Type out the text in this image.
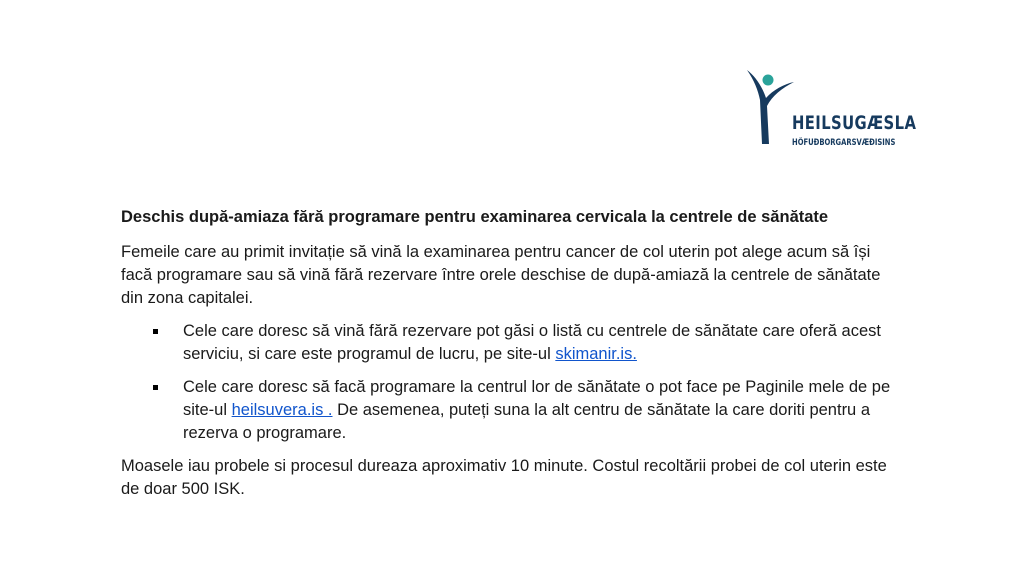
HEILSUGÆSLA
HÖFUÐBORGARSVÆÐISINS
Deschis după-amiaza fără programare pentru examinarea cervicala la centrele de sănătate
Femeile care au primit invitație să vină la examinarea pentru cancer de col uterin pot alege acum să își facă programare sau să vină fără rezervare între orele deschise de după-amiază la centrele de sănătate din zona capitalei.
Cele care doresc să vină fără rezervare pot găsi o listă cu centrele de sănătate care oferă acest serviciu, si care este programul de lucru, pe site-ul skimanir.is.
Cele care doresc să facă programare la centrul lor de sănătate o pot face pe Paginile mele de pe site-ul heilsuvera.is . De asemenea, puteți suna la alt centru de sănătate la care doriti pentru a rezerva o programare.
Moasele iau probele si procesul dureaza aproximativ 10 minute. Costul recoltării probei de col uterin este de doar 500 ISK.
